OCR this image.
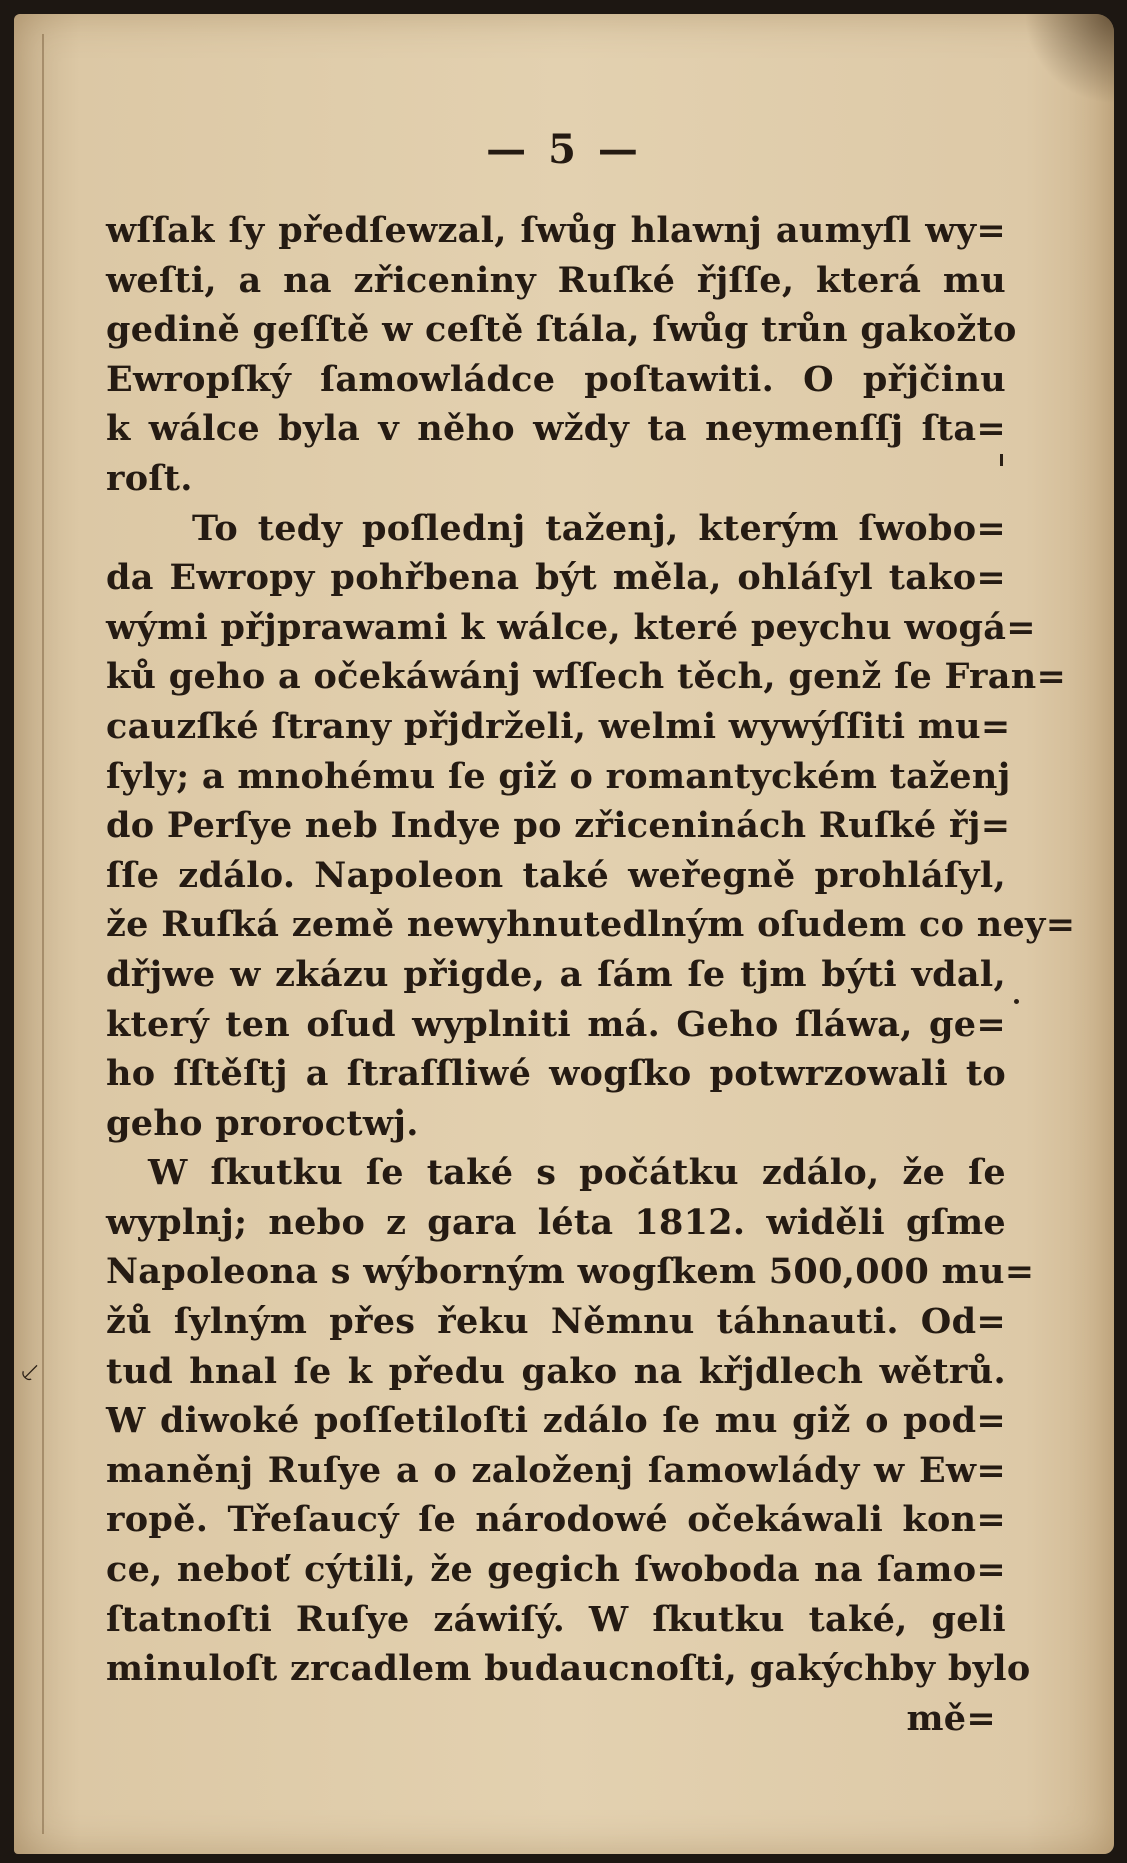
— 5 —
wſſak ſy předſewzal, ſwůg hlawnj aumyſl wy=
weſti, a na zřiceniny Ruſké řjſſe, která mu
gedině geſſtě w ceſtě ſtála, ſwůg trůn gakožto
Ewropſký ſamowládce poſtawiti. O přjčinu
k wálce byla v něho wždy ta neymenſſj ſta=
roſt.
To tedy poſlednj taženj, kterým ſwobo=
da Ewropy pohřbena být měla, ohláſyl tako=
wými přjprawami k wálce, které peychu wogá=
ků geho a očekáwánj wſſech těch, genž ſe Fran=
cauzſké ſtrany přjdrželi, welmi wywýſſiti mu=
ſyly; a mnohému ſe giž o romantyckém taženj
do Perſye neb Indye po zřiceninách Ruſké řj=
ſſe zdálo. Napoleon také weřegně prohláſyl,
že Ruſká země newyhnutedlným oſudem co ney=
dřjwe w zkázu přigde, a ſám ſe tjm býti vdal,
který ten oſud wyplniti má. Geho ſláwa, ge=
ho ſſtěſtj a ſtraſſliwé wogſko potwrzowali to
geho proroctwj.
W ſkutku ſe také s počátku zdálo, že ſe
wyplnj; nebo z gara léta 1812. widěli gſme
Napoleona s wýborným wogſkem 500,000 mu=
žů ſylným přes řeku Němnu táhnauti. Od=
tud hnal ſe k předu gako na křjdlech wětrů.
W diwoké poſſetiloſti zdálo ſe mu giž o pod=
maněnj Ruſye a o založenj ſamowlády w Ew=
ropě. Třeſaucý ſe národowé očekáwali kon=
ce, neboť cýtili, že gegich ſwoboda na ſamo=
ſtatnoſti Ruſye záwiſý. W ſkutku také, geli
minuloſt zrcadlem budaucnoſti, gakýchby bylo
mě=
⸔
